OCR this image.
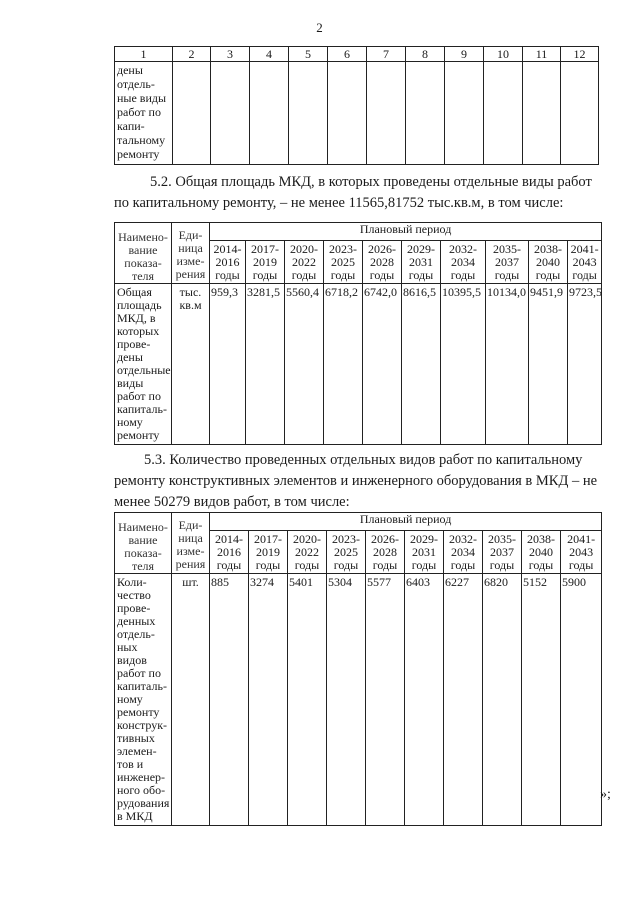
2
1	2	3	4	5	6	7	8	9	10	11	12
дены отдель- ные виды работ по капи- тальному ремонту											

5.2. Общая площадь МКД, в которых проведены отдельные виды работ по капитальному ремонту, – не менее 11565,81752 тыс.кв.м, в том числе:

Наимено- вание показа- теля	Еди- ница изме- рения	Плановый период									
		2014- 2016 годы	2017- 2019 годы	2020- 2022 годы	2023- 2025 годы	2026- 2028 годы	2029- 2031 годы	2032- 2034 годы	2035- 2037 годы	2038- 2040 годы	2041- 2043 годы
Общая площадь МКД, в которых прове- дены отдельные виды работ по капиталь- ному ремонту	тыс. кв.м	959,3	3281,5	5560,4	6718,2	6742,0	8616,5	10395,5	10134,0	9451,9	9723,5

5.3. Количество проведенных отдельных видов работ по капитальному ремонту конструктивных элементов и инженерного оборудования в МКД – не менее 50279 видов работ, в том числе:

Наимено- вание показа- теля	Еди- ница изме- рения	Плановый период									
		2014- 2016 годы	2017- 2019 годы	2020- 2022 годы	2023- 2025 годы	2026- 2028 годы	2029- 2031 годы	2032- 2034 годы	2035- 2037 годы	2038- 2040 годы	2041- 2043 годы
Коли- чество прове- денных отдель- ных видов работ по капиталь- ному ремонту конструк- тивных элемен- тов и инженер- ного обо- рудования в МКД	шт.	885	3274	5401	5304	5577	6403	6227	6820	5152	5900
»;
